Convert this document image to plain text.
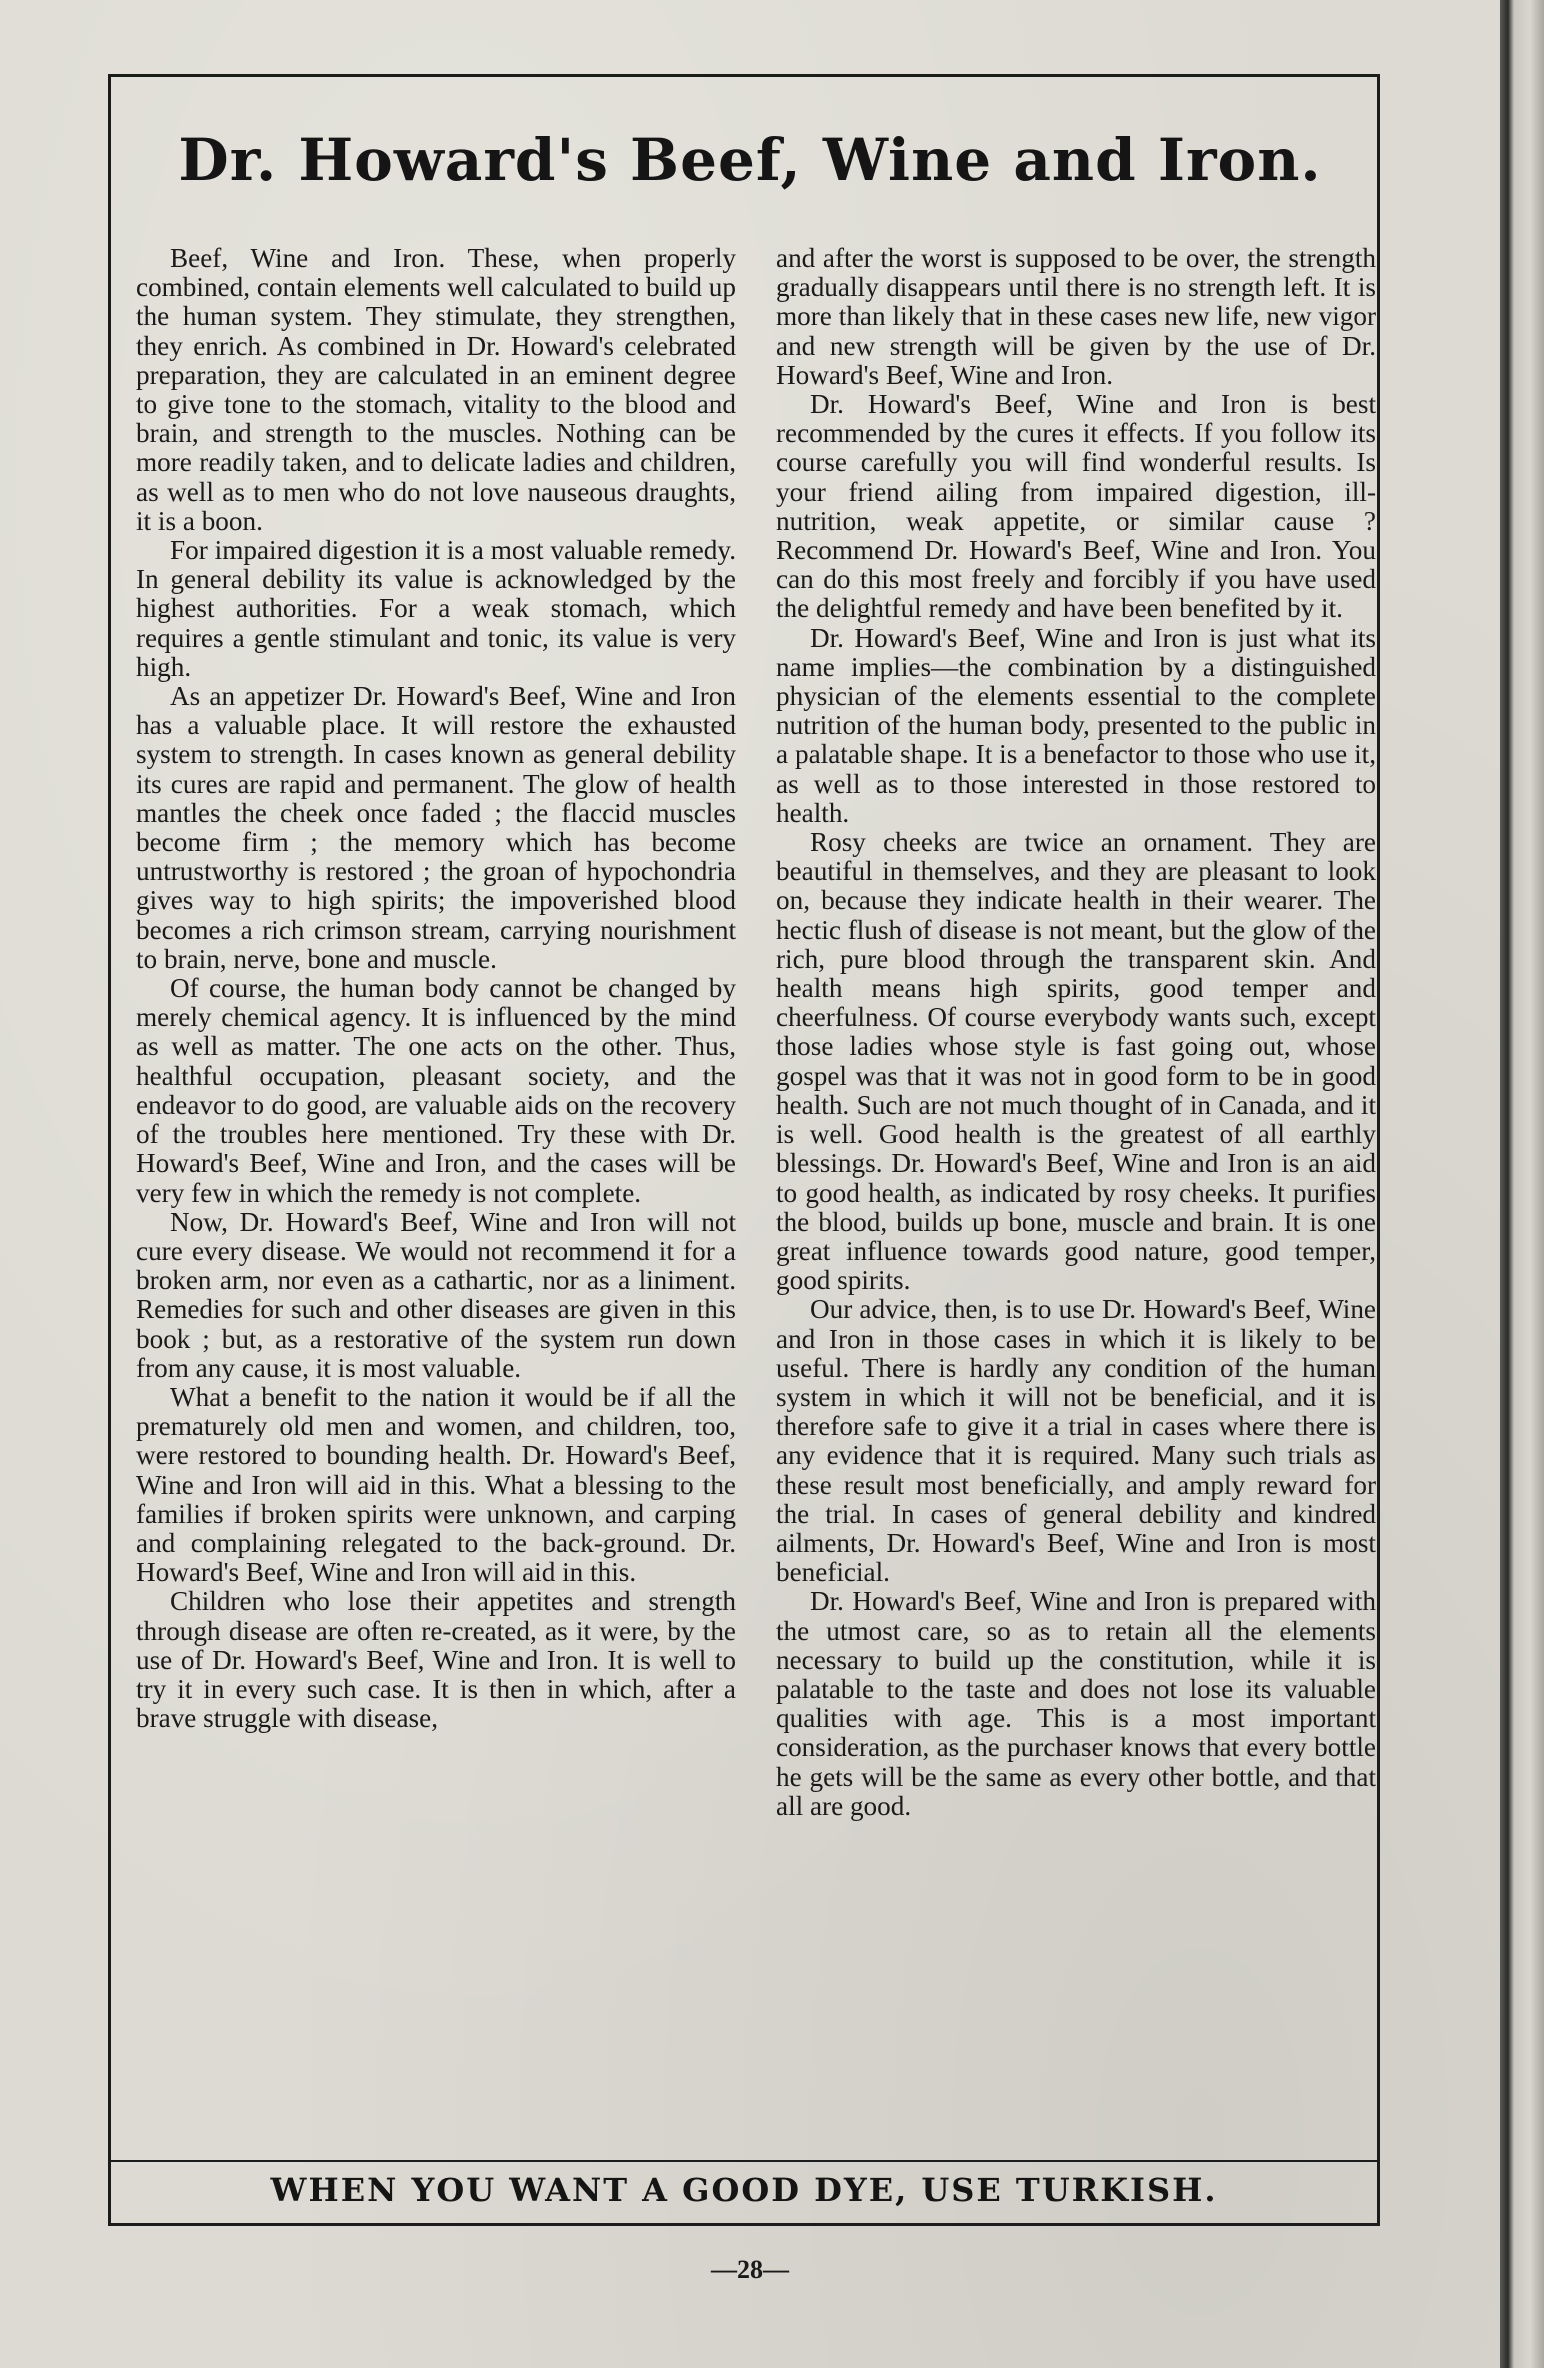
Dr. Howard's Beef, Wine and Iron.

Beef, Wine and Iron. These, when properly combined, contain elements well calculated to build up the human system. They stimulate, they strengthen, they enrich. As combined in Dr. Howard's celebrated preparation, they are calculated in an eminent degree to give tone to the stomach, vitality to the blood and brain, and strength to the muscles. Nothing can be more readily taken, and to delicate ladies and children, as well as to men who do not love nauseous draughts, it is a boon.

For impaired digestion it is a most valuable remedy. In general debility its value is acknowledged by the highest authorities. For a weak stomach, which requires a gentle stimulant and tonic, its value is very high.

As an appetizer Dr. Howard's Beef, Wine and Iron has a valuable place. It will restore the exhausted system to strength. In cases known as general debility its cures are rapid and permanent. The glow of health mantles the cheek once faded ; the flaccid muscles become firm ; the memory which has become untrustworthy is restored ; the groan of hypochondria gives way to high spirits; the impoverished blood becomes a rich crimson stream, carrying nourishment to brain, nerve, bone and muscle.

Of course, the human body cannot be changed by merely chemical agency. It is influenced by the mind as well as matter. The one acts on the other. Thus, healthful occupation, pleasant society, and the endeavor to do good, are valuable aids on the recovery of the troubles here mentioned. Try these with Dr. Howard's Beef, Wine and Iron, and the cases will be very few in which the remedy is not complete.

Now, Dr. Howard's Beef, Wine and Iron will not cure every disease. We would not recommend it for a broken arm, nor even as a cathartic, nor as a liniment. Remedies for such and other diseases are given in this book ; but, as a restorative of the system run down from any cause, it is most valuable.

What a benefit to the nation it would be if all the prematurely old men and women, and children, too, were restored to bounding health. Dr. Howard's Beef, Wine and Iron will aid in this. What a blessing to the families if broken spirits were unknown, and carping and complaining relegated to the back-ground. Dr. Howard's Beef, Wine and Iron will aid in this.

Children who lose their appetites and strength through disease are often re-created, as it were, by the use of Dr. Howard's Beef, Wine and Iron. It is well to try it in every such case. It is then in which, after a brave struggle with disease,

and after the worst is supposed to be over, the strength gradually disappears until there is no strength left. It is more than likely that in these cases new life, new vigor and new strength will be given by the use of Dr. Howard's Beef, Wine and Iron.

Dr. Howard's Beef, Wine and Iron is best recommended by the cures it effects. If you follow its course carefully you will find wonderful results. Is your friend ailing from impaired digestion, ill-nutrition, weak appetite, or similar cause ? Recommend Dr. Howard's Beef, Wine and Iron. You can do this most freely and forcibly if you have used the delightful remedy and have been benefited by it.

Dr. Howard's Beef, Wine and Iron is just what its name implies—the combination by a distinguished physician of the elements essential to the complete nutrition of the human body, presented to the public in a palatable shape. It is a benefactor to those who use it, as well as to those interested in those restored to health.

Rosy cheeks are twice an ornament. They are beautiful in themselves, and they are pleasant to look on, because they indicate health in their wearer. The hectic flush of disease is not meant, but the glow of the rich, pure blood through the transparent skin. And health means high spirits, good temper and cheerfulness. Of course everybody wants such, except those ladies whose style is fast going out, whose gospel was that it was not in good form to be in good health. Such are not much thought of in Canada, and it is well. Good health is the greatest of all earthly blessings. Dr. Howard's Beef, Wine and Iron is an aid to good health, as indicated by rosy cheeks. It purifies the blood, builds up bone, muscle and brain. It is one great influence towards good nature, good temper, good spirits.

Our advice, then, is to use Dr. Howard's Beef, Wine and Iron in those cases in which it is likely to be useful. There is hardly any condition of the human system in which it will not be beneficial, and it is therefore safe to give it a trial in cases where there is any evidence that it is required. Many such trials as these result most beneficially, and amply reward for the trial. In cases of general debility and kindred ailments, Dr. Howard's Beef, Wine and Iron is most beneficial.

Dr. Howard's Beef, Wine and Iron is prepared with the utmost care, so as to retain all the elements necessary to build up the constitution, while it is palatable to the taste and does not lose its valuable qualities with age. This is a most important consideration, as the purchaser knows that every bottle he gets will be the same as every other bottle, and that all are good.

WHEN YOU WANT A GOOD DYE, USE TURKISH.
—28—
